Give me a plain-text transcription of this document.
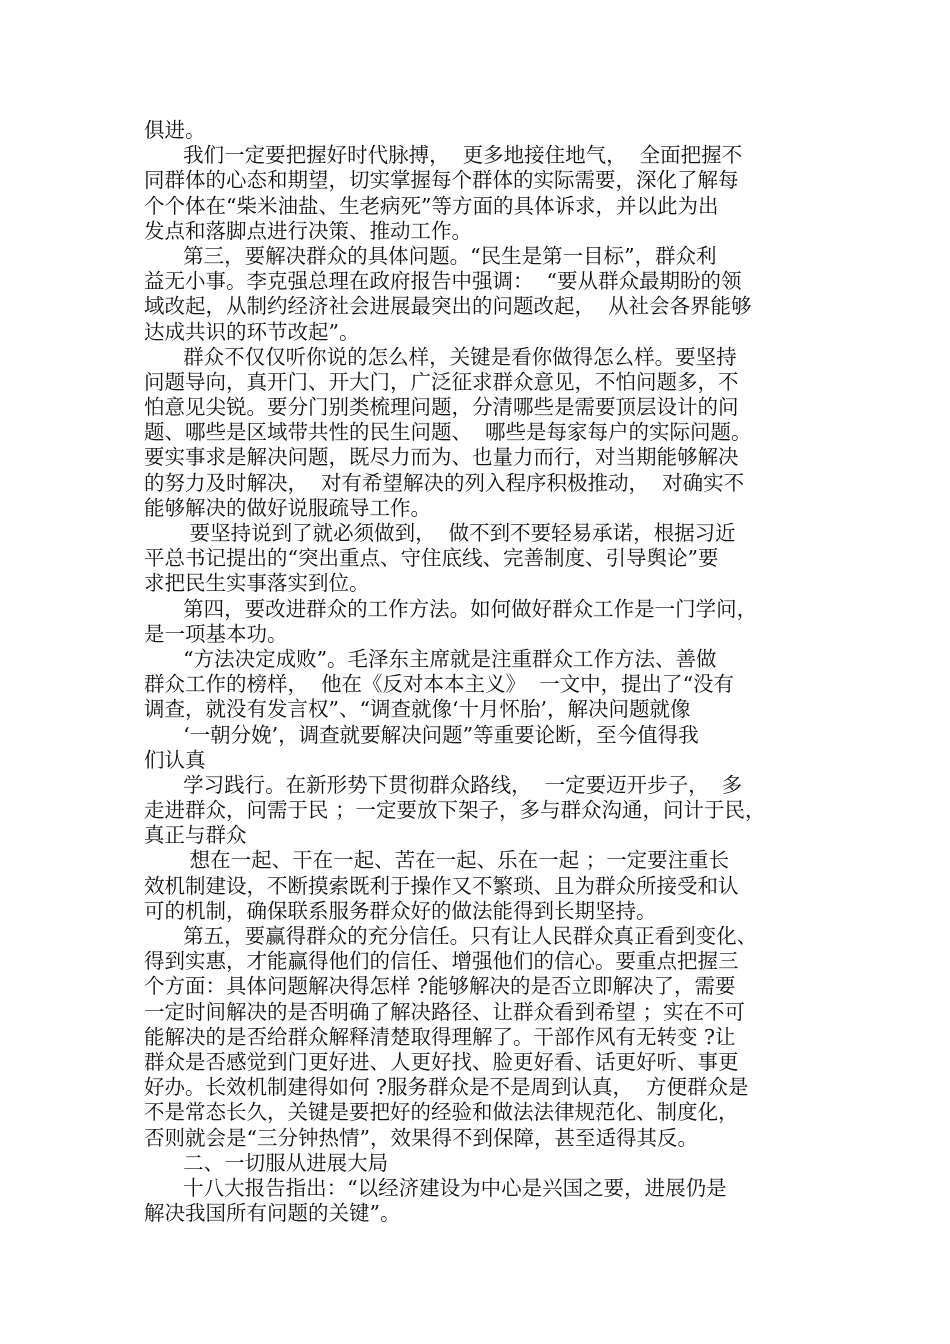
俱进。
我们一定要把握好时代脉搏，  更多地接住地气，  全面把握不
同群体的心态和期望，切实掌握每个群体的实际需要，深化了解每
个个体在“柴米油盐、生老病死”等方面的具体诉求，并以此为出
发点和落脚点进行决策、推动工作。
第三，要解决群众的具体问题。“民生是第一目标”，群众利
益无小事。李克强总理在政府报告中强调：  “要从群众最期盼的领
域改起，从制约经济社会进展最突出的问题改起，  从社会各界能够
达成共识的环节改起”。
群众不仅仅听你说的怎么样，关键是看你做得怎么样。要坚持
问题导向，真开门、开大门，广泛征求群众意见，不怕问题多，不
怕意见尖锐。要分门别类梳理问题，分清哪些是需要顶层设计的问
题、哪些是区域带共性的民生问题、  哪些是每家每户的实际问题。
要实事求是解决问题，既尽力而为、也量力而行，对当期能够解决
的努力及时解决，  对有希望解决的列入程序积极推动，  对确实不
能够解决的做好说服疏导工作。
要坚持说到了就必须做到，  做不到不要轻易承诺，根据习近
平总书记提出的“突出重点、守住底线、完善制度、引导舆论”要
求把民生实事落实到位。
第四，要改进群众的工作方法。如何做好群众工作是一门学问，
是一项基本功。
“方法决定成败”。毛泽东主席就是注重群众工作方法、善做
群众工作的榜样，  他在《反对本本主义》  一文中，提出了“没有
调查，就没有发言权”、“调查就像‘十月怀胎’，解决问题就像
‘一朝分娩’，调查就要解决问题”等重要论断，至今值得我
们认真
学习践行。在新形势下贯彻群众路线，  一定要迈开步子，  多
走进群众，问需于民 ；一定要放下架子，多与群众沟通，问计于民，
真正与群众
想在一起、干在一起、苦在一起、乐在一起 ；一定要注重长
效机制建设，不断摸索既利于操作又不繁琐、且为群众所接受和认
可的机制，确保联系服务群众好的做法能得到长期坚持。
第五，要赢得群众的充分信任。只有让人民群众真正看到变化、
得到实惠，才能赢得他们的信任、增强他们的信心。要重点把握三
个方面：具体问题解决得怎样 ?能够解决的是否立即解决了，需要
一定时间解决的是否明确了解决路径、让群众看到希望 ；实在不可
能解决的是否给群众解释清楚取得理解了。干部作风有无转变 ?让
群众是否感觉到门更好进、人更好找、脸更好看、话更好听、事更
好办。长效机制建得如何 ?服务群众是不是周到认真，  方便群众是
不是常态长久，关键是要把好的经验和做法法律规范化、制度化，
否则就会是“三分钟热情”，效果得不到保障，甚至适得其反。
二、一切服从进展大局
十八大报告指出：“以经济建设为中心是兴国之要，进展仍是
解决我国所有问题的关键”。
